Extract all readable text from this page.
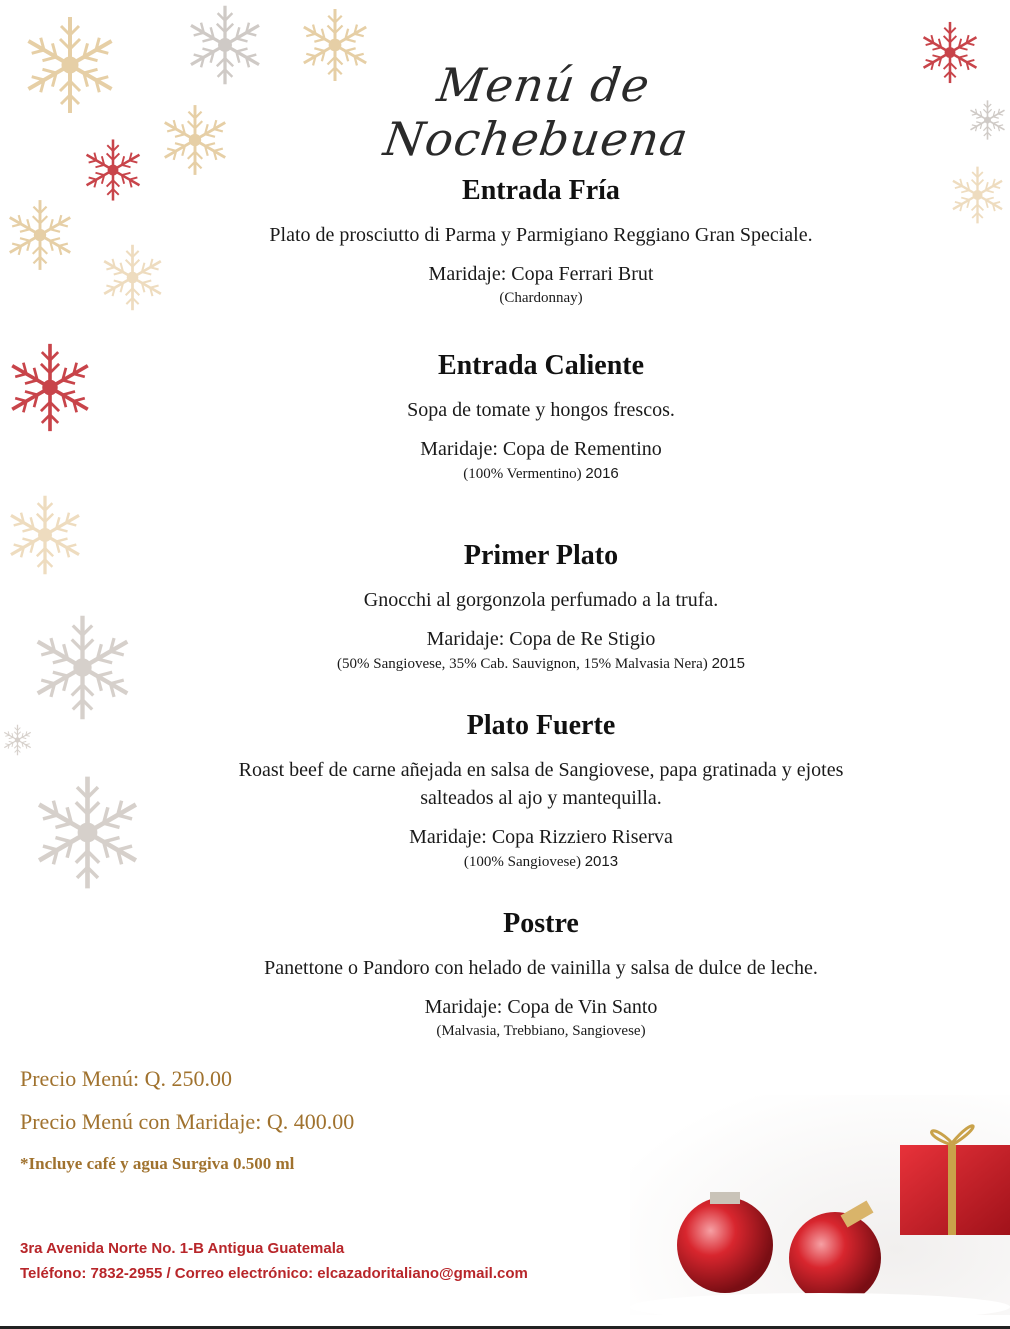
Menú de Nochebuena
Entrada Fría

Plato de prosciutto di Parma y Parmigiano Reggiano Gran Speciale.

Maridaje: Copa Ferrari Brut

(Chardonnay)

Entrada Caliente

Sopa de tomate y hongos frescos.

Maridaje: Copa de Rementino

(100% Vermentino) 2016

Primer Plato

Gnocchi al gorgonzola perfumado a la trufa.

Maridaje: Copa de Re Stigio

(50% Sangiovese, 35% Cab. Sauvignon, 15% Malvasia Nera) 2015

Plato Fuerte

Roast beef de carne añejada en salsa de Sangiovese, papa gratinada y ejotes salteados al ajo y mantequilla.

Maridaje: Copa Rizziero Riserva

(100% Sangiovese) 2013

Postre

Panettone o Pandoro con helado de vainilla y salsa de dulce de leche.

Maridaje: Copa de Vin Santo

(Malvasia, Trebbiano, Sangiovese)

Precio Menú: Q. 250.00
Precio Menú con Maridaje: Q. 400.00
*Incluye café y agua Surgiva 0.500 ml
3ra Avenida Norte No. 1-B Antigua Guatemala
Teléfono: 7832-2955 / Correo electrónico: elcazadoritaliano@gmail.com
